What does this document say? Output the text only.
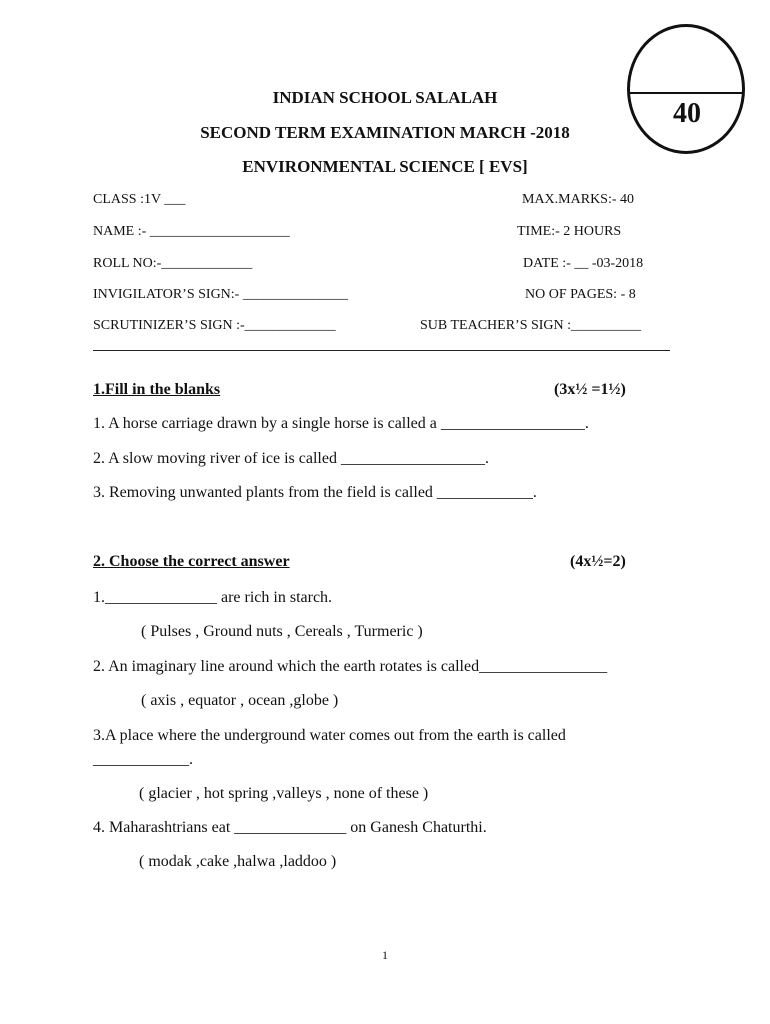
40
INDIAN SCHOOL SALALAH
SECOND TERM EXAMINATION MARCH -2018
ENVIRONMENTAL SCIENCE [ EVS]
CLASS :1V ___	MAX.MARKS:- 40
NAME :- ____________________	TIME:- 2 HOURS
ROLL NO:-_____________	DATE :- __ -03-2018
INVIGILATOR’S SIGN:- _______________	NO OF PAGES: - 8
SCRUTINIZER’S SIGN :-_____________	SUB TEACHER’S SIGN :__________
1.Fill in the blanks	(3x½ =1½)
1. A horse carriage drawn by a single horse is called a __________________.
2. A slow moving river of ice is called __________________.
3. Removing unwanted plants from the field is called ____________.
2. Choose the correct answer	(4x½=2)
1.______________ are rich in starch.
( Pulses , Ground nuts , Cereals , Turmeric )
2. An imaginary line around which the earth rotates is called________________
( axis , equator , ocean ,globe )
3.A place where the underground water comes out from the earth is called
____________.
( glacier , hot spring ,valleys , none of these )
4. Maharashtrians eat ______________ on Ganesh Chaturthi.
( modak ,cake ,halwa ,laddoo )
1
